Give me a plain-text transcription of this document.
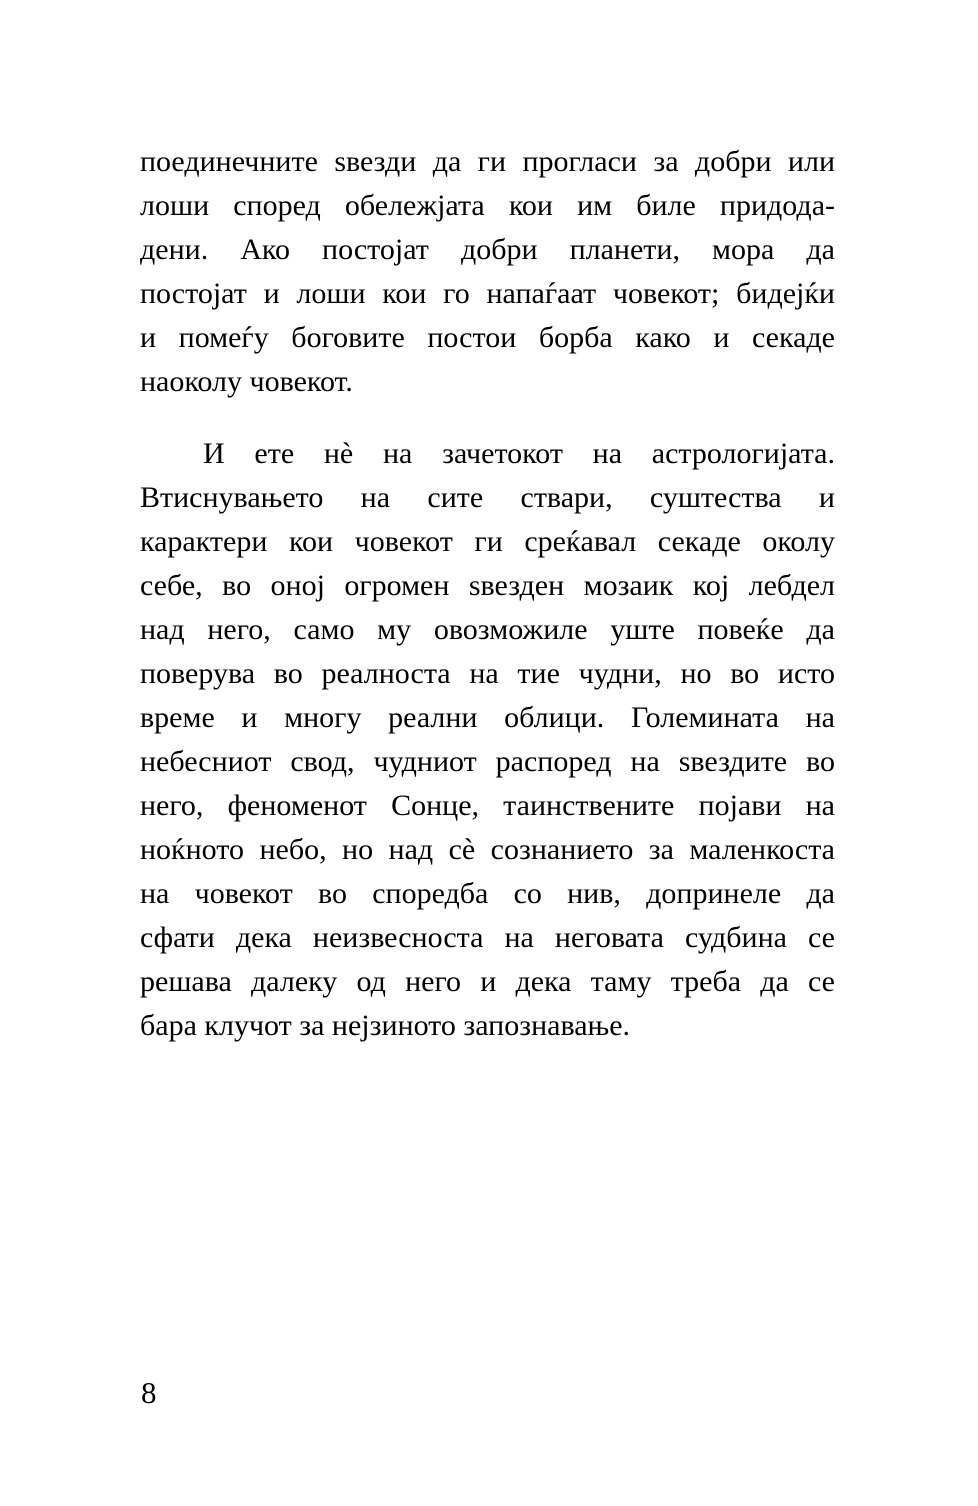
поединечните ѕвезди да ги прогласи за добри или
лоши според обележјата кои им биле придода-
дени. Ако постојат добри планети, мора да
постојат и лоши кои го напаѓаат човекот; бидејќи
и помеѓу боговите постои борба како и секаде
наоколу човекот.
И ете нѐ на зачетокот на астрологијата.
Втиснувањето на сите ствари, суштества и
карактери кои човекот ги среќавал секаде околу
себе, во оној огромен ѕвезден мозаик кој лебдел
над него, само му овозможиле уште повеќе да
поверува во реалноста на тие чудни, но во исто
време и многу реални облици. Големината на
небесниот свод, чудниот распоред на ѕвездите во
него, феноменот Сонце, таинствените појави на
ноќното небо, но над сѐ сознанието за маленкоста
на човекот во споредба со нив, допринеле да
сфати дека неизвесноста на неговата судбина се
решава далеку од него и дека таму треба да се
бара клучот за нејзиното запознавање.
8
